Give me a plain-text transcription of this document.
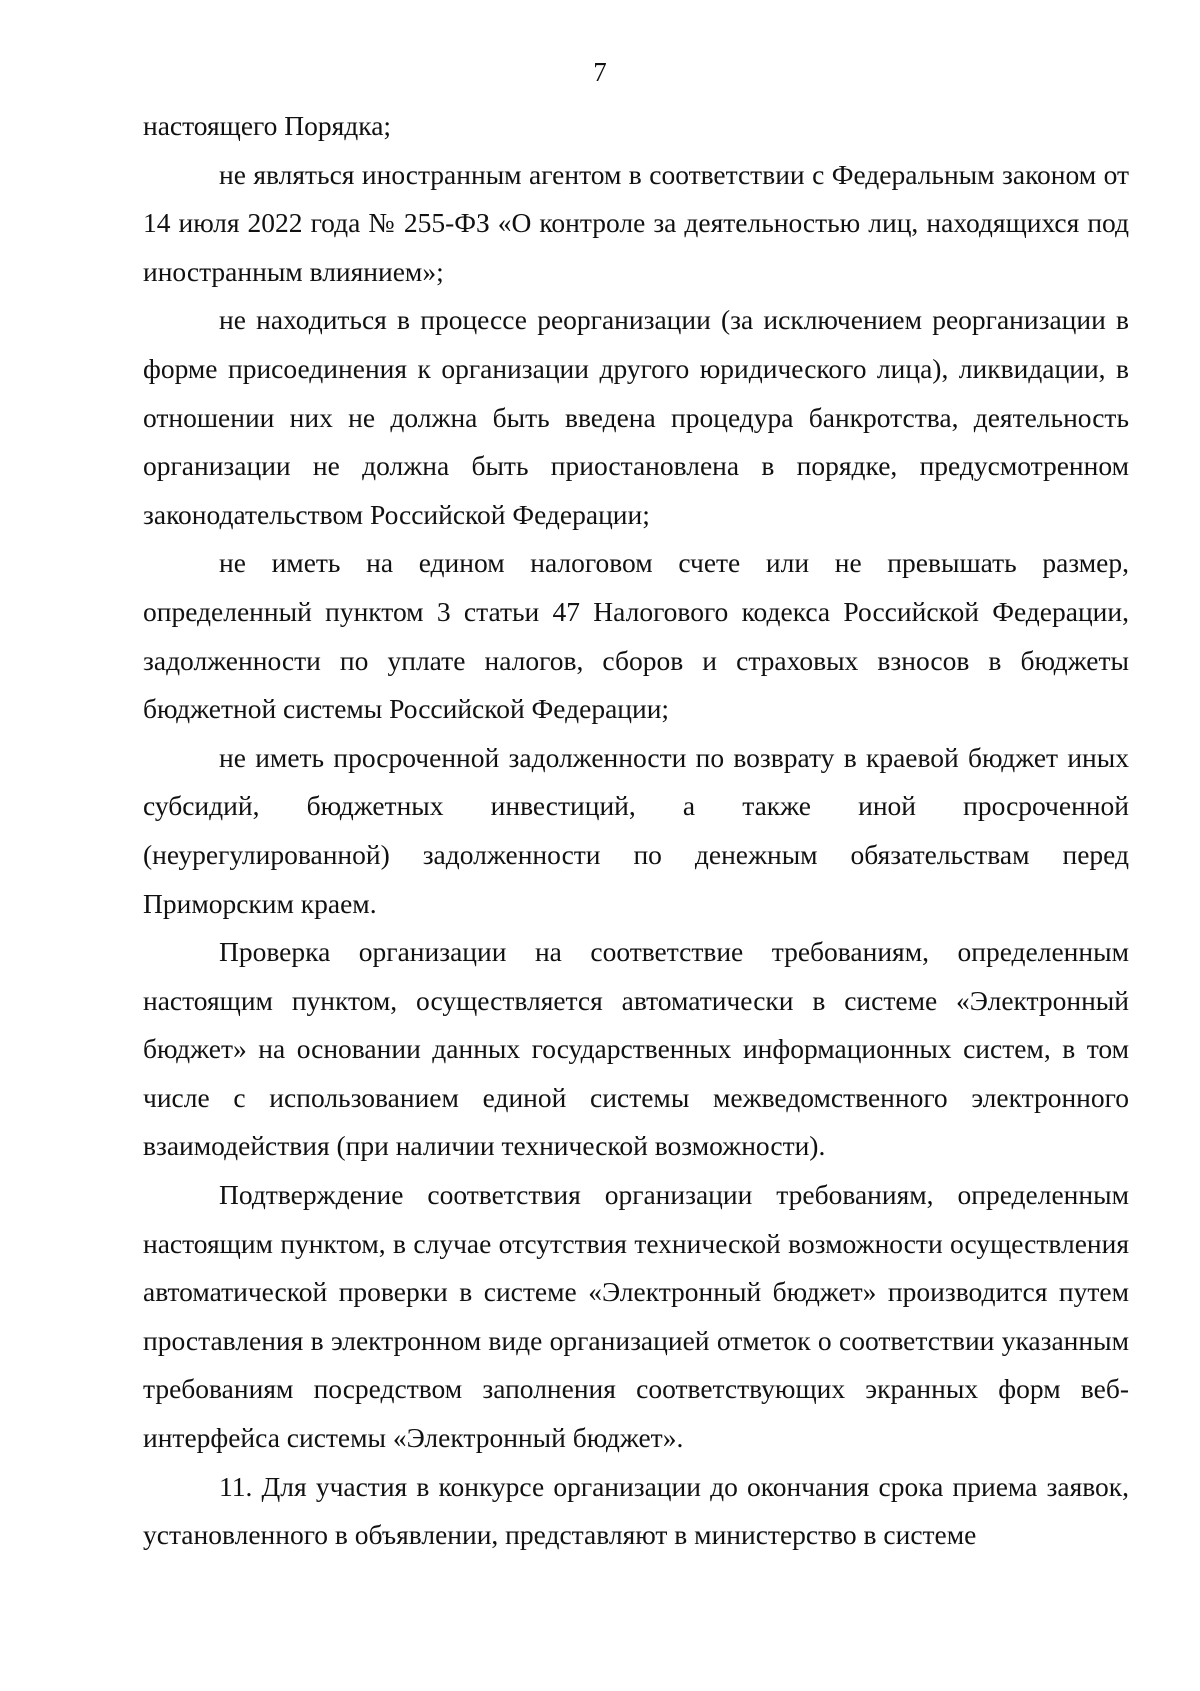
7

настоящего Порядка;

не являться иностранным агентом в соответствии с Федеральным законом от 14 июля 2022 года № 255-ФЗ «О контроле за деятельностью лиц, находящихся под иностранным влиянием»;

не находиться в процессе реорганизации (за исключением реорганизации в форме присоединения к организации другого юридического лица), ликвидации, в отношении них не должна быть введена процедура банкротства, деятельность организации не должна быть приостановлена в порядке, предусмотренном законодательством Российской Федерации;

не иметь на едином налоговом счете или не превышать размер, определенный пунктом 3 статьи 47 Налогового кодекса Российской Федерации, задолженности по уплате налогов, сборов и страховых взносов в бюджеты бюджетной системы Российской Федерации;

не иметь просроченной задолженности по возврату в краевой бюджет иных субсидий, бюджетных инвестиций, а также иной просроченной (неурегулированной) задолженности по денежным обязательствам перед Приморским краем.

Проверка организации на соответствие требованиям, определенным настоящим пунктом, осуществляется автоматически в системе «Электронный бюджет» на основании данных государственных информационных систем, в том числе с использованием единой системы межведомственного электронного взаимодействия (при наличии технической возможности).

Подтверждение соответствия организации требованиям, определенным настоящим пунктом, в случае отсутствия технической возможности осуществления автоматической проверки в системе «Электронный бюджет» производится путем проставления в электронном виде организацией отметок о соответствии указанным требованиям посредством заполнения соответствующих экранных форм веб-интерфейса системы «Электронный бюджет».

11. Для участия в конкурсе организации до окончания срока приема заявок, установленного в объявлении, представляют в министерство в системе
